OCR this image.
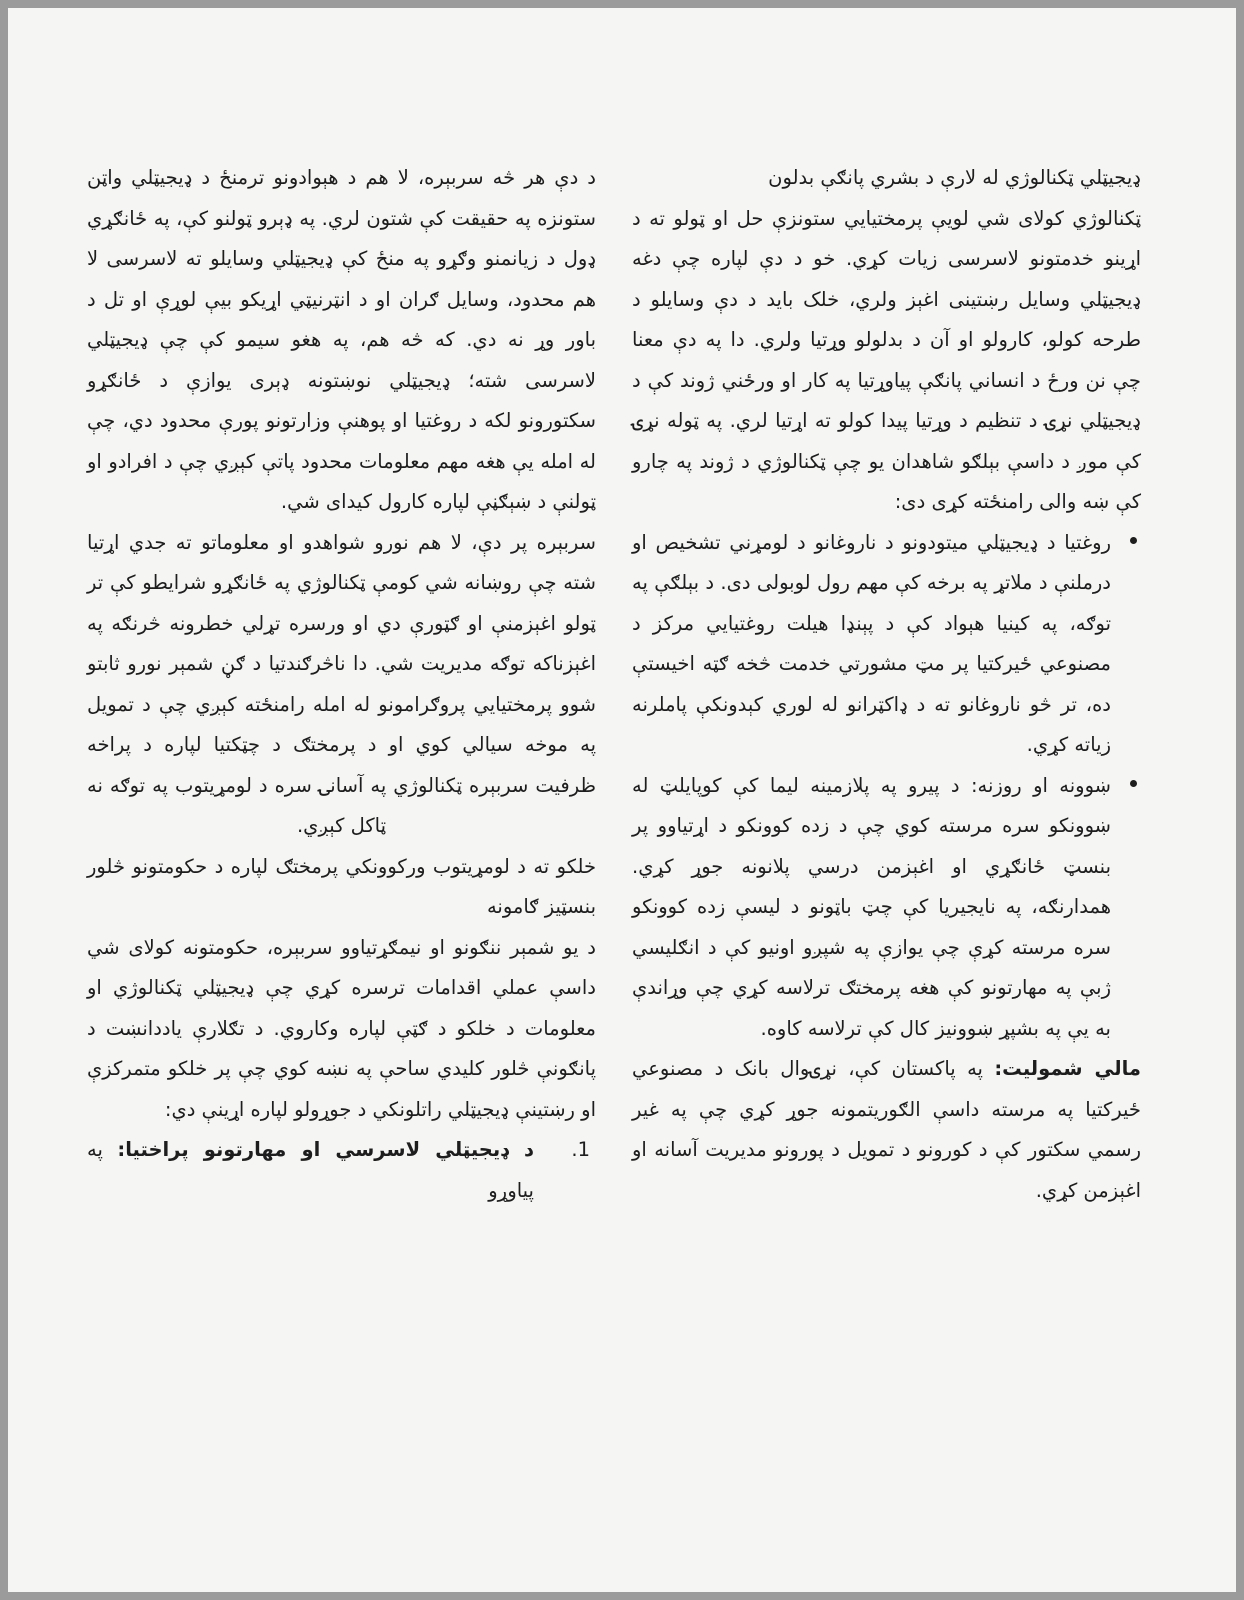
ډیجیټلي ټکنالوژي له لارې د بشري پانګې بدلون

ټکنالوژي کولای شي لویې پرمختیایي ستونزې حل او ټولو ته د اړینو خدمتونو لاسرسی زیات کړي. خو د دې لپاره چې دغه ډیجیټلي وسایل رښتینی اغېز ولري، خلک باید د دې وسایلو د طرحه کولو، کارولو او آن د بدلولو وړتیا ولري. دا په دې معنا چې نن ورځ د انساني پانګې پیاوړتیا په کار او ورځني ژوند کې د ډیجیټلي نړۍ د تنظیم د وړتیا پیدا کولو ته اړتیا لري. په ټوله نړۍ کې موږ د داسې بېلګو شاهدان یو چې ټکنالوژي د ژوند په چارو کې ښه والی رامنځته کړی دی:

روغتیا د ډیجیټلي میتودونو د ناروغانو د لومړني تشخیص او درملنې د ملاتړ په برخه کې مهم رول لوبولی دی. د بېلګې په توګه، په کینیا هېواد کې د پېنډا هیلت روغتیایي مرکز د مصنوعي ځیرکتیا پر مټ مشورتي خدمت څخه ګټه اخیستې ده، تر څو ناروغانو ته د ډاکټرانو له لوري کېدونکې پاملرنه زیاته کړي.
ښوونه او روزنه: د پیرو په پلازمینه لیما کې کوپایلټ له ښوونکو سره مرسته کوي چې د زده کوونکو د اړتیاوو پر بنسټ ځانګړي او اغېزمن درسي پلانونه جوړ کړي. همدارنګه، په نایجیریا کې چټ باټونو د لیسې زده کوونکو سره مرسته کړې چې یوازې په شپږو اونیو کې د انګلیسي ژبې په مهارتونو کې هغه پرمختګ ترلاسه کړي چې وړاندې به یې په بشپړ ښوونیز کال کې ترلاسه کاوه.

مالي شمولیت: په پاکستان کې، نړۍوال بانک د مصنوعي ځیرکتیا په مرسته داسې الګوریتمونه جوړ کړي چې په غیر رسمي سکتور کې د کورونو د تمویل د پورونو مدیریت آسانه او اغېزمن کړي.

د دې هر څه سربېره، لا هم د هېوادونو ترمنځ د ډیجیټلي واټن ستونزه په حقیقت کې شتون لري. په ډېرو ټولنو کې، په ځانګړي ډول د زیانمنو وګړو په منځ کې ډیجیټلي وسایلو ته لاسرسی لا هم محدود، وسایل ګران او د انټرنيټي اړیکو بیې لوړې او تل د باور وړ نه دي. که څه هم، په هغو سیمو کې چې ډیجیټلي لاسرسی شته؛ ډیجیټلي نوښتونه ډېری یوازې د ځانګړو سکتورونو لکه د روغتیا او پوهنې وزارتونو پورې محدود دي، چې له امله یې هغه مهم معلومات محدود پاتې کېږي چې د افرادو او ټولنې د ښېګڼې لپاره کارول کیدای شي.

سربېره پر دې، لا هم نورو شواهدو او معلوماتو ته جدي اړتیا شته چې روښانه شي کومې ټکنالوژي په ځانګړو شرایطو کې تر ټولو اغېزمنې او ګټورې دي او ورسره تړلي خطرونه څرنګه په اغېزناکه توګه مدیریت شي. دا ناڅرګندتیا د ګڼ شمېر نورو ثابتو شوو پرمختیایي پروګرامونو له امله رامنځته کېږي چې د تمویل په موخه سیالي کوي او د پرمختګ د چټکتیا لپاره د پراخه ظرفیت سربېره ټکنالوژي په آسانۍ سره د لومړيتوب په توګه نه ټاکل کېږي.

خلکو ته د لومړيتوب ورکوونکي پرمختګ لپاره د حکومتونو څلور بنسټیز ګامونه

د یو شمېر ننګونو او نیمګړتیاوو سربېره، حکومتونه کولای شي داسې عملي اقدامات ترسره کړي چې ډیجیټلي ټکنالوژي او معلومات د خلکو د ګټې لپاره وکاروي. د تګلارې یاددانښت د پانګونې څلور کلیدي ساحې په نښه کوي چې پر خلکو متمرکزې او رښتینې ډیجیټلي راتلونکي د جوړولو لپاره اړینې دي:

.1
د ډیجیټلي لاسرسي او مهارتونو پراختیا: په پیاوړو
